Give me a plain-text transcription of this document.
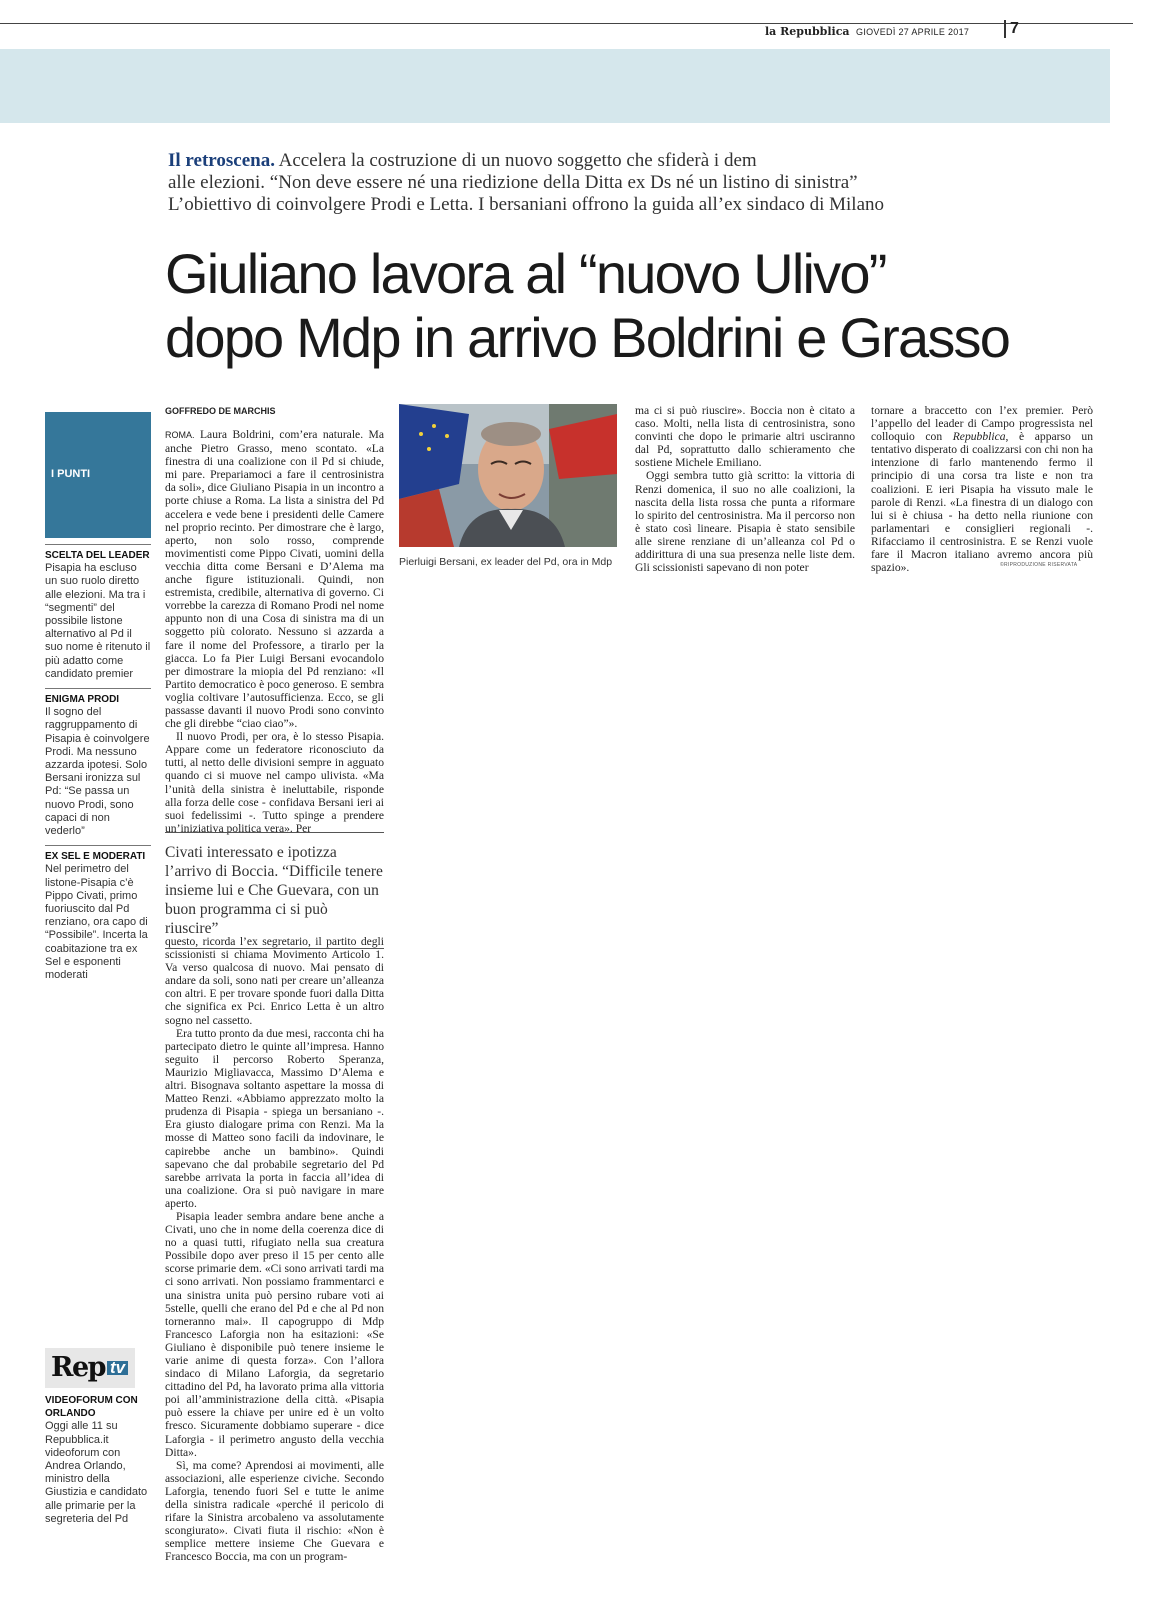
la Repubblica GIOVEDÌ 27 APRILE 2017	7
Il retroscena. Accelera la costruzione di un nuovo soggetto che sfiderà i dem
alle elezioni. “Non deve essere né una riedizione della Ditta ex Ds né un listino di sinistra”
L’obiettivo di coinvolgere Prodi e Letta. I bersaniani offrono la guida all’ex sindaco di Milano
Giuliano lavora al “nuovo Ulivo”
dopo Mdp in arrivo Boldrini e Grasso
I PUNTI
SCELTA DEL LEADER

Pisapia ha escluso un suo ruolo diretto alle elezioni. Ma tra i “segmenti” del possibile listone alternativo al Pd il suo nome è ritenuto il più adatto come candidato premier

ENIGMA PRODI

Il sogno del raggruppamento di Pisapia è coinvolgere Prodi. Ma nessuno azzarda ipotesi. Solo Bersani ironizza sul Pd: “Se passa un nuovo Prodi, sono capaci di non vederlo”

EX SEL E MODERATI

Nel perimetro del listone-Pisapia c’è Pippo Civati, primo fuoriuscito dal Pd renziano, ora capo di “Possibile”. Incerta la coabitazione tra ex Sel e esponenti moderati

Rep tv
VIDEOFORUM CON ORLANDO

Oggi alle 11 su Repubblica.it videoforum con Andrea Orlando, ministro della Giustizia e candidato alle primarie per la segreteria del Pd

GOFFREDO DE MARCHIS

ROMA. Laura Boldrini, com’era naturale. Ma anche Pietro Grasso, meno scontato. «La finestra di una coalizione con il Pd si chiude, mi pare. Prepariamoci a fare il centrosinistra da soli», dice Giuliano Pisapia in un incontro a porte chiuse a Roma. La lista a sinistra del Pd accelera e vede bene i presidenti delle Camere nel proprio recinto. Per dimostrare che è largo, aperto, non solo rosso, comprende movimentisti come Pippo Civati, uomini della vecchia ditta come Bersani e D’Alema ma anche figure istituzionali. Quindi, non estremista, credibile, alternativa di governo. Ci vorrebbe la carezza di Romano Prodi nel nome appunto non di una Cosa di sinistra ma di un soggetto più colorato. Nessuno si azzarda a fare il nome del Professore, a tirarlo per la giacca. Lo fa Pier Luigi Bersani evocandolo per dimostrare la miopia del Pd renziano: «Il Partito democratico è poco generoso. E sembra voglia coltivare l’autosufficienza. Ecco, se gli passasse davanti il nuovo Prodi sono convinto che gli direbbe “ciao ciao”».

Il nuovo Prodi, per ora, è lo stesso Pisapia. Appare come un federatore riconosciuto da tutti, al netto delle divisioni sempre in agguato quando ci si muove nel campo ulivista. «Ma l’unità della sinistra è ineluttabile, risponde alla forza delle cose - confidava Bersani ieri ai suoi fedelissimi -. Tutto spinge a prendere un’iniziativa politica vera». Per

Civati interessato e ipotizza l’arrivo di Boccia. “Difficile tenere insieme lui e Che Guevara, con un buon programma ci si può riuscire”

questo, ricorda l’ex segretario, il partito degli scissionisti si chiama Movimento Articolo 1. Va verso qualcosa di nuovo. Mai pensato di andare da soli, sono nati per creare un’alleanza con altri. E per trovare sponde fuori dalla Ditta che significa ex Pci. Enrico Letta è un altro sogno nel cassetto.

Era tutto pronto da due mesi, racconta chi ha partecipato dietro le quinte all’impresa. Hanno seguito il percorso Roberto Speranza, Maurizio Migliavacca, Massimo D’Alema e altri. Bisognava soltanto aspettare la mossa di Matteo Renzi. «Abbiamo apprezzato molto la prudenza di Pisapia - spiega un bersaniano -. Era giusto dialogare prima con Renzi. Ma la mosse di Matteo sono facili da indovinare, le capirebbe anche un bambino». Quindi sapevano che dal probabile segretario del Pd sarebbe arrivata la porta in faccia all’idea di una coalizione. Ora si può navigare in mare aperto.

Pisapia leader sembra andare bene anche a Civati, uno che in nome della coerenza dice di no a quasi tutti, rifugiato nella sua creatura Possibile dopo aver preso il 15 per cento alle scorse primarie dem. «Ci sono arrivati tardi ma ci sono arrivati. Non possiamo frammentarci e una sinistra unita può persino rubare voti ai 5stelle, quelli che erano del Pd e che al Pd non torneranno mai». Il capogruppo di Mdp Francesco Laforgia non ha esitazioni: «Se Giuliano è disponibile può tenere insieme le varie anime di questa forza». Con l’allora sindaco di Milano Laforgia, da segretario cittadino del Pd, ha lavorato prima alla vittoria poi all’amministrazione della città. «Pisapia può essere la chiave per unire ed è un volto fresco. Sicuramente dobbiamo superare - dice Laforgia - il perimetro angusto della vecchia Ditta».

Sì, ma come? Aprendosi ai movimenti, alle associazioni, alle esperienze civiche. Secondo Laforgia, tenendo fuori Sel e tutte le anime della sinistra radicale «perché il pericolo di rifare la Sinistra arcobaleno va assolutamente scongiurato». Civati fiuta il rischio: «Non è semplice mettere insieme Che Guevara e Francesco Boccia, ma con un program-

Pierluigi Bersani, ex leader del Pd, ora in Mdp

ma ci si può riuscire». Boccia non è citato a caso. Molti, nella lista di centrosinistra, sono convinti che dopo le primarie altri usciranno dal Pd, soprattutto dallo schieramento che sostiene Michele Emiliano.

Oggi sembra tutto già scritto: la vittoria di Renzi domenica, il suo no alle coalizioni, la nascita della lista rossa che punta a riformare lo spirito del centrosinistra. Ma il percorso non è stato così lineare. Pisapia è stato sensibile alle sirene renziane di un’alleanza col Pd o addirittura di una sua presenza nelle liste dem. Gli scissionisti sapevano di non poter

tornare a braccetto con l’ex premier. Però l’appello del leader di Campo progressista nel colloquio con Repubblica, è apparso un tentativo disperato di coalizzarsi con chi non ha intenzione di farlo mantenendo fermo il principio di una corsa tra liste e non tra coalizioni. E ieri Pisapia ha vissuto male le parole di Renzi. «La finestra di un dialogo con lui si è chiusa - ha detto nella riunione con parlamentari e consiglieri regionali -. Rifacciamo il centrosinistra. E se Renzi vuole fare il Macron italiano avremo ancora più spazio».	©RIPRODUZIONE RISERVATA
